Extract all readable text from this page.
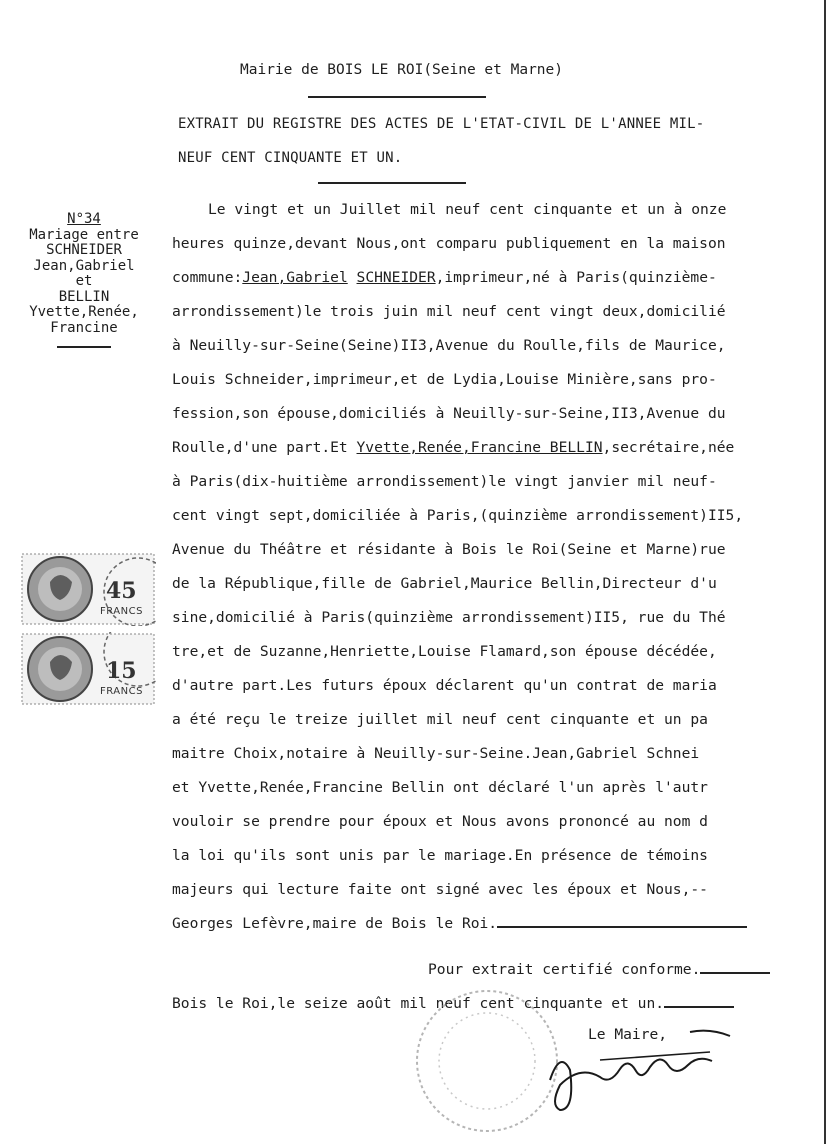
Mairie de BOIS LE ROI(Seine et Marne)
EXTRAIT DU REGISTRE DES ACTES DE L'ETAT-CIVIL DE L'ANNEE MIL-
NEUF CENT CINQUANTE ET UN.
N°34
Mariage entre
SCHNEIDER
Jean,Gabriel
et
BELLIN
Yvette,Renée,
Francine
Le vingt et un Juillet mil neuf cent cinquante et un à onze
heures quinze,devant Nous,ont comparu publiquement en la maison
commune:Jean,Gabriel SCHNEIDER,imprimeur,né à Paris(quinzième-
arrondissement)le trois juin mil neuf cent vingt deux,domicilié
à Neuilly-sur-Seine(Seine)II3,Avenue du Roulle,fils de Maurice,
Louis Schneider,imprimeur,et de Lydia,Louise Minière,sans pro-
fession,son épouse,domiciliés à Neuilly-sur-Seine,II3,Avenue du
Roulle,d'une part.Et Yvette,Renée,Francine BELLIN,secrétaire,née
à Paris(dix-huitième arrondissement)le vingt janvier mil neuf-
cent vingt sept,domiciliée à Paris,(quinzième arrondissement)II5,
Avenue du Théâtre et résidante à Bois le Roi(Seine et Marne)rue
de la République,fille de Gabriel,Maurice Bellin,Directeur d'u
sine,domicilié à Paris(quinzième arrondissement)II5, rue du Thé
tre,et de Suzanne,Henriette,Louise Flamard,son épouse décédée,
d'autre part.Les futurs époux déclarent qu'un contrat de maria
a été reçu le treize juillet mil neuf cent cinquante et un pa
maitre Choix,notaire à Neuilly-sur-Seine.Jean,Gabriel Schnei
et Yvette,Renée,Francine Bellin ont déclaré l'un après l'autr
vouloir se prendre pour époux et Nous avons prononcé au nom d
la loi qu'ils sont unis par le mariage.En présence de témoins
majeurs qui lecture faite ont signé avec les époux et Nous,--
Georges Lefèvre,maire de Bois le Roi.
Pour extrait certifié conforme.
Bois le Roi,le seize août mil neuf cent cinquante et un.
Le Maire,
45
FRANCS
15
FRANCS
